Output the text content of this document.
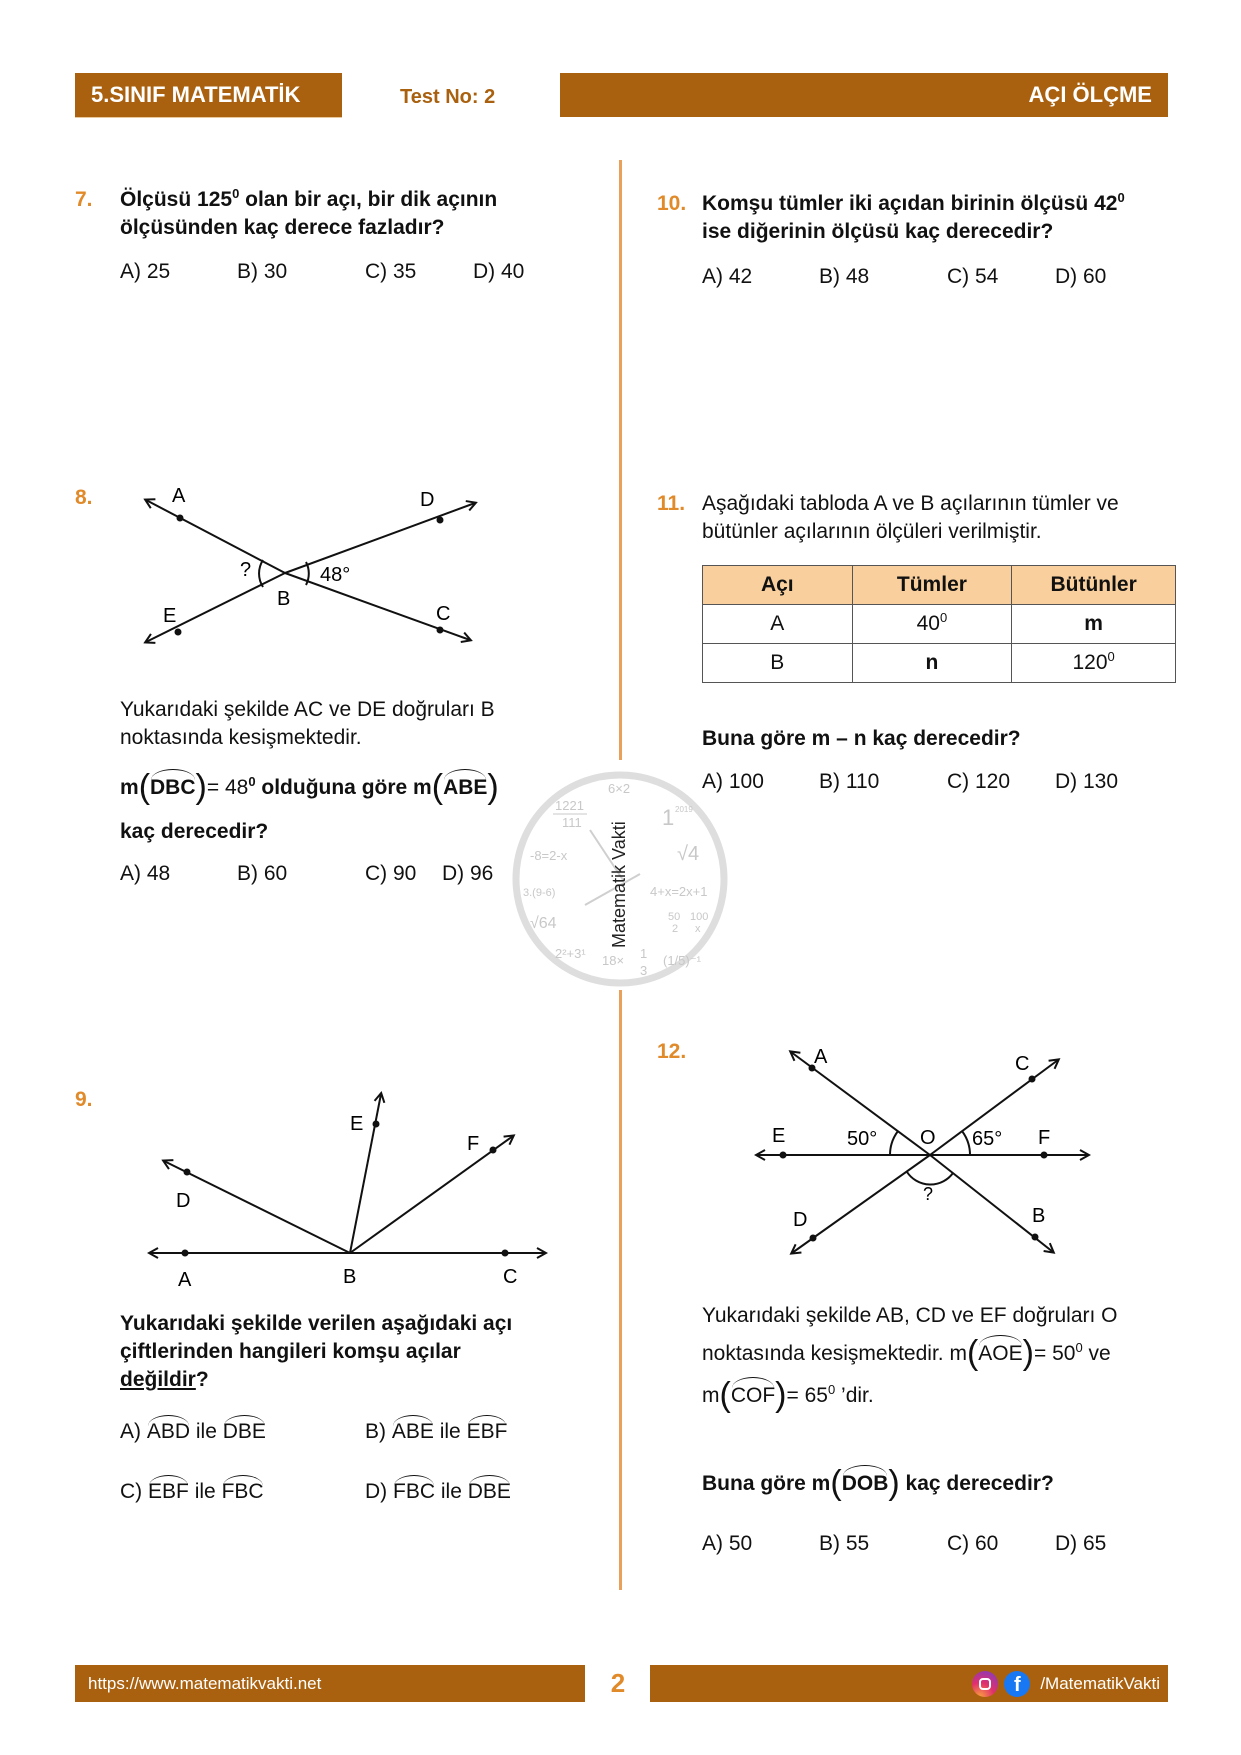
5.SINIF MATEMATİK	Test No: 2	AÇI ÖLÇME
6×2
1221
111	1 2019
√4
-8=2-x
3.(9-6)	4+x=2x+1
√64	50
2
100
x
2²+3¹ 18× 1
3
(1/5)⁻¹
Matematik Vakti
7. Ölçüsü $125^0$ olan bir açı, bir dik açının
ölçüsünden kaç derece fazladır?
A) 25	B) 30	C) 35	D) 40
8.	A	D
E	C
B
48°
?
Yukarıdaki şekilde AC ve DE doğruları B
noktasında kesişmektedir.
$m(DBC)= 48^0$ olduğuna göre m(ABE)
kaç derecedir?
A) 48	B) 60	C) 90 D) 96
9.
E
F
D
A	B	C
Yukarıdaki şekilde verilen aşağıdaki açı
çiftlerinden hangileri komşu açılar
değildir?
A) ABD ile DBE	B) ABE ile EBF
C) EBF ile FBC	D) FBC ile DBE
10. Komşu tümler iki açıdan birinin ölçüsü $42^0$
ise diğerinin ölçüsü kaç derecedir?
A) 42	B) 48	C) 54	D) 60
11. Aşağıdaki tabloda A ve B açılarının tümler ve
bütünler açılarının ölçüleri verilmiştir.
Açı	Tümler	Bütünler
A	$40^0$	m
B	n	$120^0$
Buna göre m – n kaç derecedir?
A) 100	B) 110	C) 120 D) 130
12.	A	C
E	O	F
D	B
50°	65°
?
Yukarıdaki şekilde AB, CD ve EF doğruları O
noktasında kesişmektedir. $m(AOE)= 50^0$ ve
$m(COF)= 65^0$ ’dir.
Buna göre m(DOB) kaç derecedir?
A) 50	B) 55	C) 60	D) 65
https://www.matematikvakti.net	f	/MatematikVakti
2
